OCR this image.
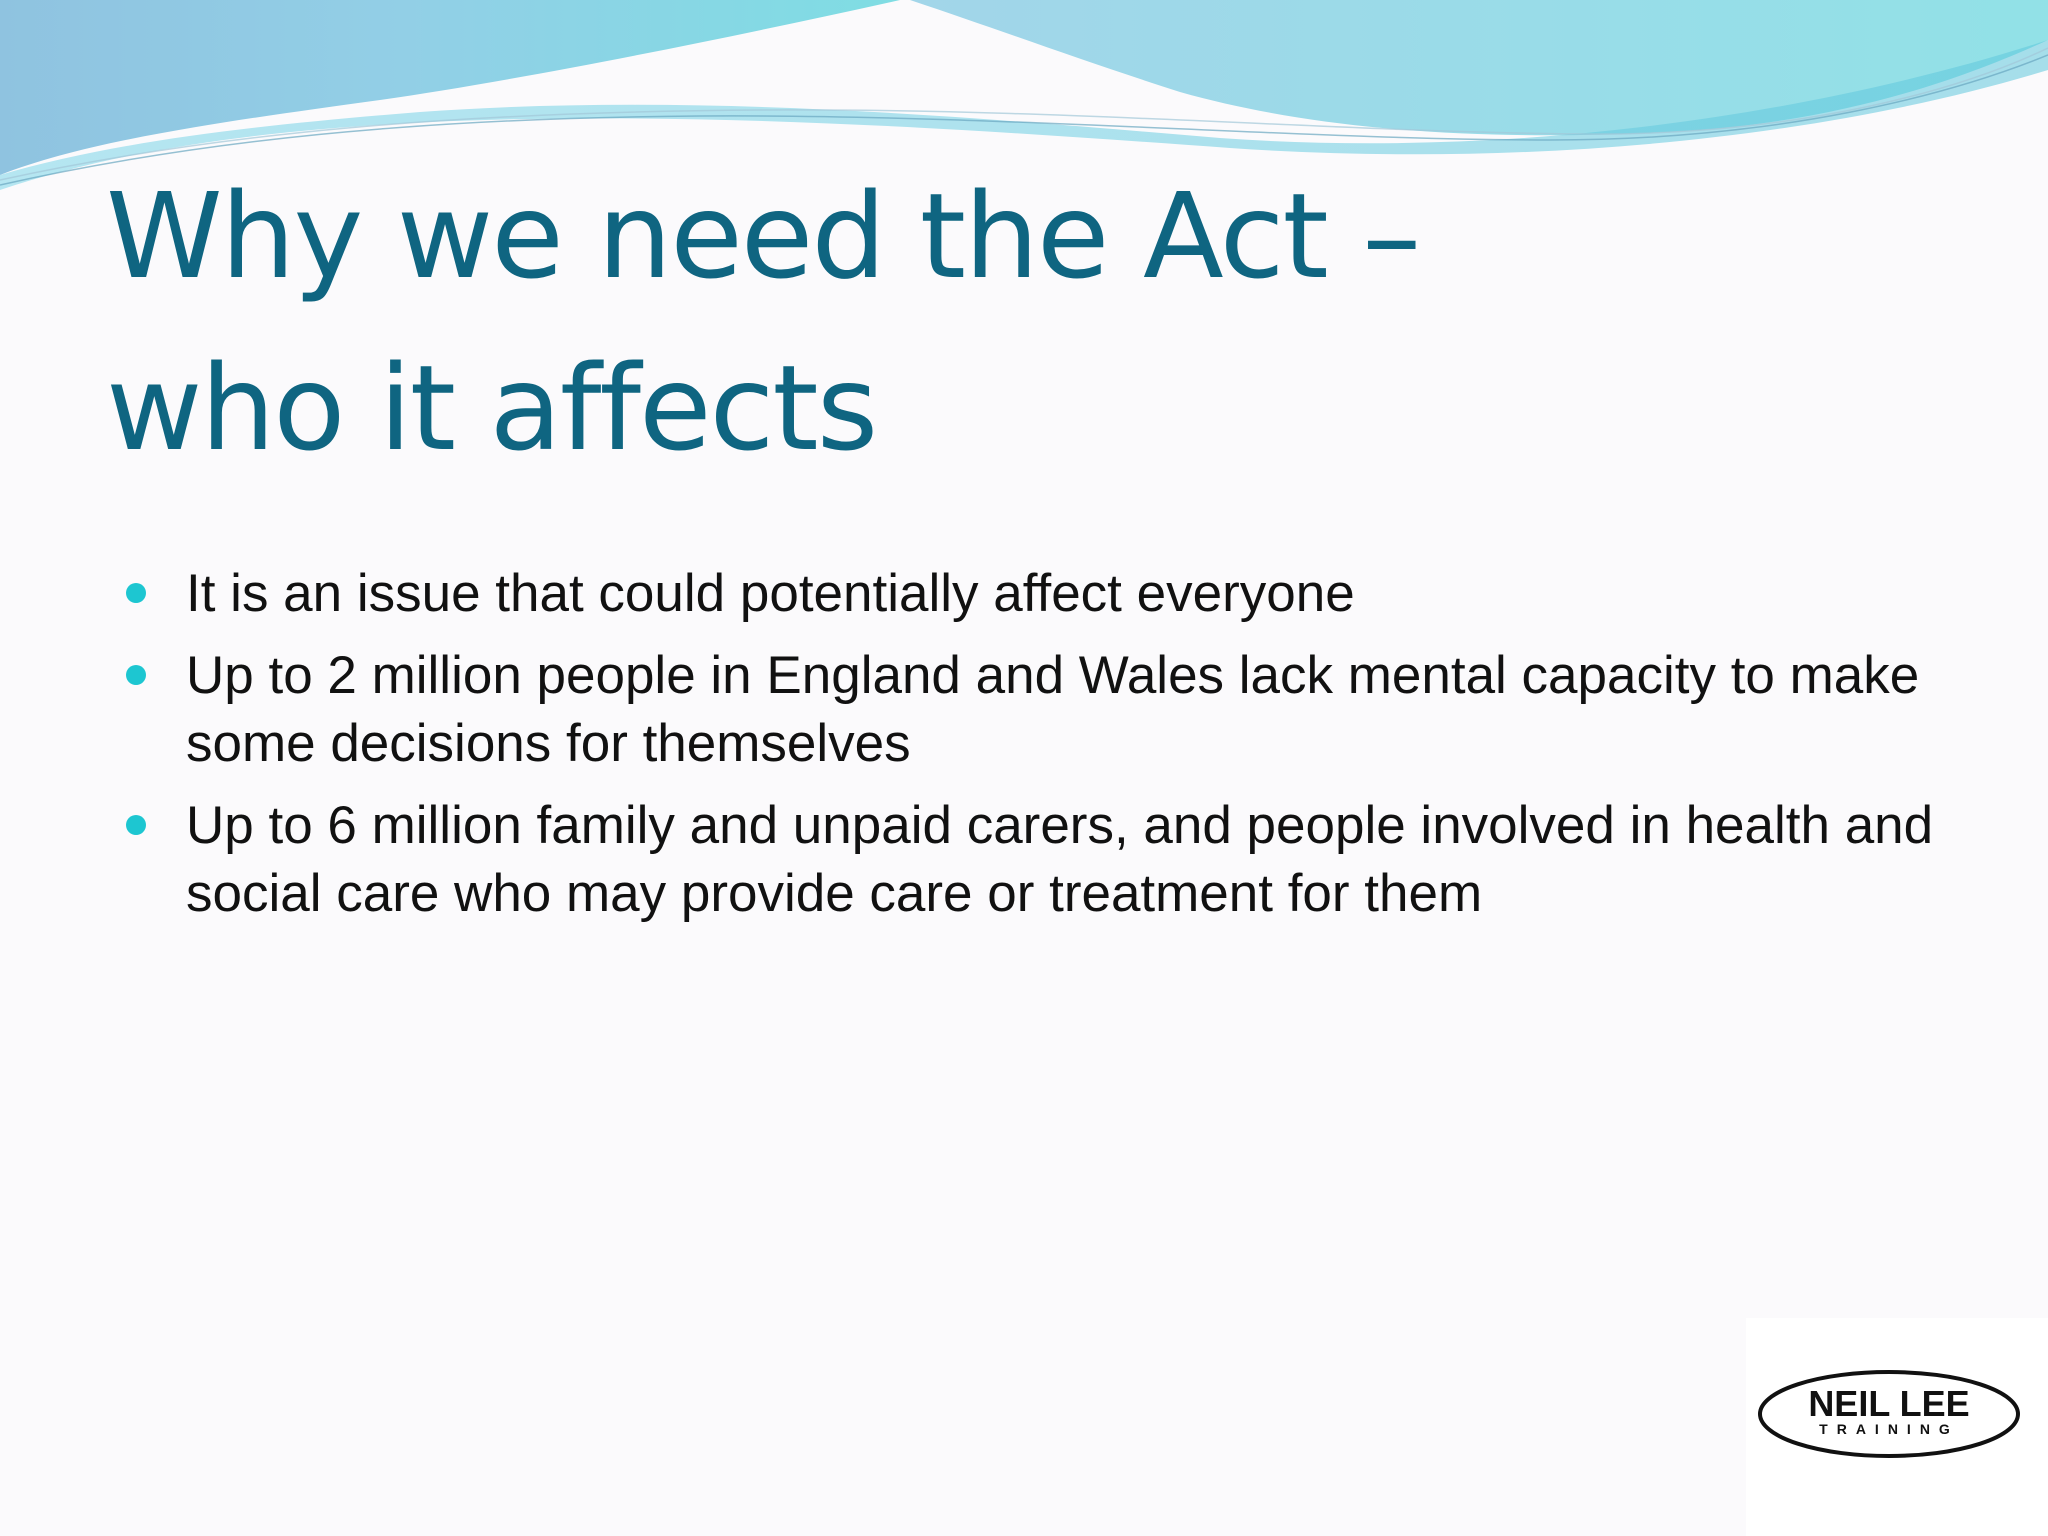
Why we need the Act –
who it affects
It is an issue that could potentially affect everyone
Up to 2 million people in England and Wales lack mental capacity to make some decisions for themselves
Up to 6 million family and unpaid carers, and people involved in health and social care who may provide care or treatment for them
NEIL LEE
TRAINING
